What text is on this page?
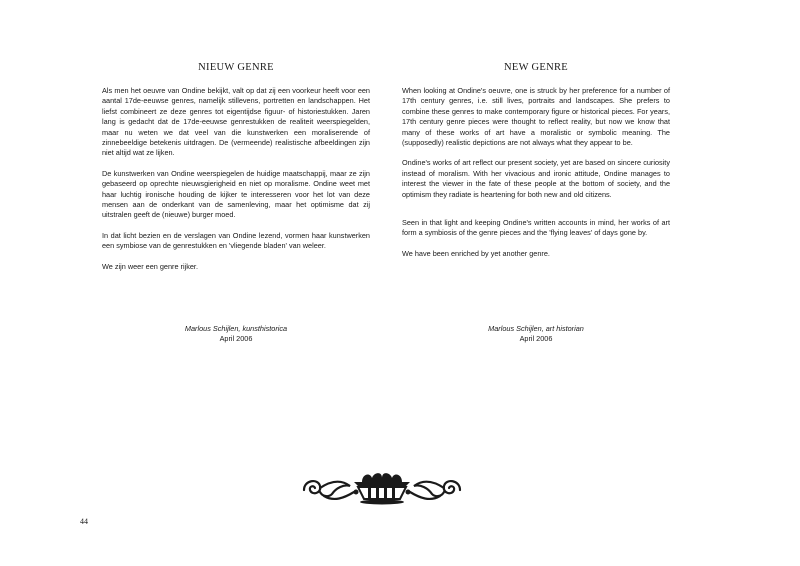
NIEUW GENRE

Als men het oeuvre van Ondine bekijkt, valt op dat zij een voorkeur heeft voor een aantal 17de-eeuwse genres, namelijk stillevens, portretten en landschappen. Het liefst combineert ze deze genres tot eigentijdse figuur- of historiestukken. Jaren lang is gedacht dat de 17de-eeuwse genrestukken de realiteit weerspiegelden, maar nu weten we dat veel van die kunstwerken een moraliserende of zinnebeeldige betekenis uitdragen. De (vermeende) realistische afbeeldingen zijn niet altijd wat ze lijken.

De kunstwerken van Ondine weerspiegelen de huidige maatschappij, maar ze zijn gebaseerd op oprechte nieuwsgierigheid en niet op moralisme. Ondine weet met haar luchtig ironische houding de kijker te interesseren voor het lot van deze mensen aan de onderkant van de samenleving, maar het optimisme dat zij uitstralen geeft de (nieuwe) burger moed.

In dat licht bezien en de verslagen van Ondine lezend, vormen haar kunstwerken een symbiose van de genrestukken en 'vliegende bladen' van weleer.

We zijn weer een genre rijker.

NEW GENRE

When looking at Ondine's oeuvre, one is struck by her preference for a number of 17th century genres, i.e. still lives, portraits and landscapes. She prefers to combine these genres to make contemporary figure or historical pieces. For years, 17th century genre pieces were thought to reflect reality, but now we know that many of these works of art have a moralistic or symbolic meaning. The (supposedly) realistic depictions are not always what they appear to be.

Ondine's works of art reflect our present society, yet are based on sincere curiosity instead of moralism. With her vivacious and ironic attitude, Ondine manages to interest the viewer in the fate of these people at the bottom of society, and the optimism they radiate is heartening for both new and old citizens.

Seen in that light and keeping Ondine's written accounts in mind, her works of art form a symbiosis of the genre pieces and the 'flying leaves' of days gone by.

We have been enriched by yet another genre.

Marlous Schijlen, kunsthistorica
April 2006
Marlous Schijlen, art historian
April 2006
44
